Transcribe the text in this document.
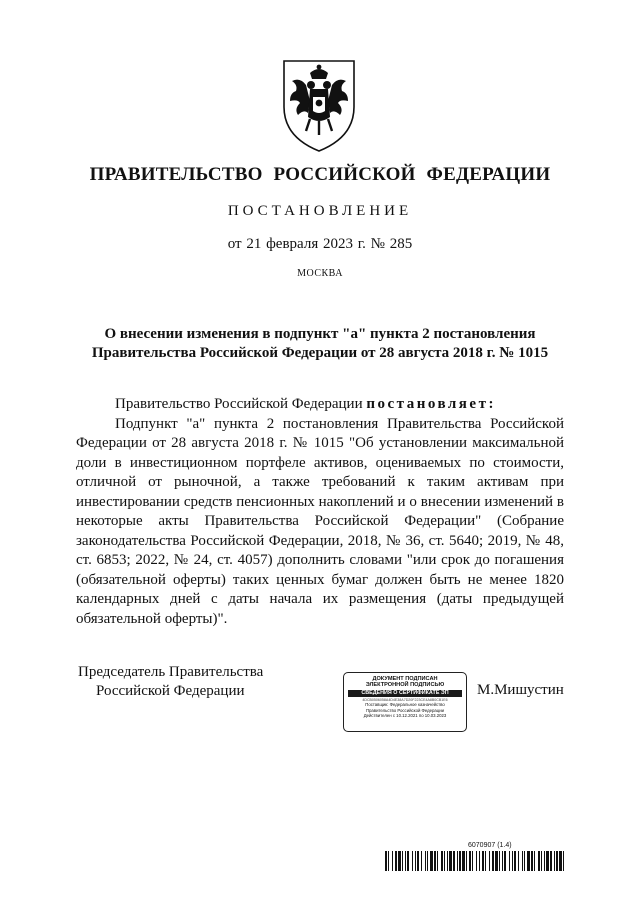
ПРАВИТЕЛЬСТВО РОССИЙСКОЙ ФЕДЕРАЦИИ
ПОСТАНОВЛЕНИЕ
от 21 февраля 2023 г. № 285
МОСКВА
О внесении изменения в подпункт "а" пункта 2 постановления
Правительства Российской Федерации от 28 августа 2018 г. № 1015

Правительство Российской Федерации постановляет:

Подпункт "а" пункта 2 постановления Правительства Российской Федерации от 28 августа 2018 г. № 1015 "Об установлении максимальной доли в инвестиционном портфеле активов, оцениваемых по стоимости, отличной от рыночной, а также требований к таким активам при инвестировании средств пенсионных накоплений и о внесении изменений в некоторые акты Правительства Российской Федерации" (Собрание законодательства Российской Федерации, 2018, № 36, ст. 5640; 2019, № 48, ст. 6853; 2022, № 24, ст. 4057) дополнить словами "или срок до погашения (обязательной оферты) таких ценных бумаг должен быть не менее 1820 календарных дней с даты начала их размещения (даты предыдущей обязательной оферты)".

Председатель Правительства
Российской Федерации
ДОКУМЕНТ ПОДПИСАН
ЭЛЕКТРОННОЙ ПОДПИСЬЮ
СВЕДЕНИЯ О СЕРТИФИКАТЕ ЭП
4DCB0506058A4D4E38A7D20F223CE4A8B0CB1E6
Поставщик: Федеральное казначейство
Правительство Российской Федерации
Действителен с 10.12.2021 по 10.03.2023
М.Мишустин
6070907 (1.4)
